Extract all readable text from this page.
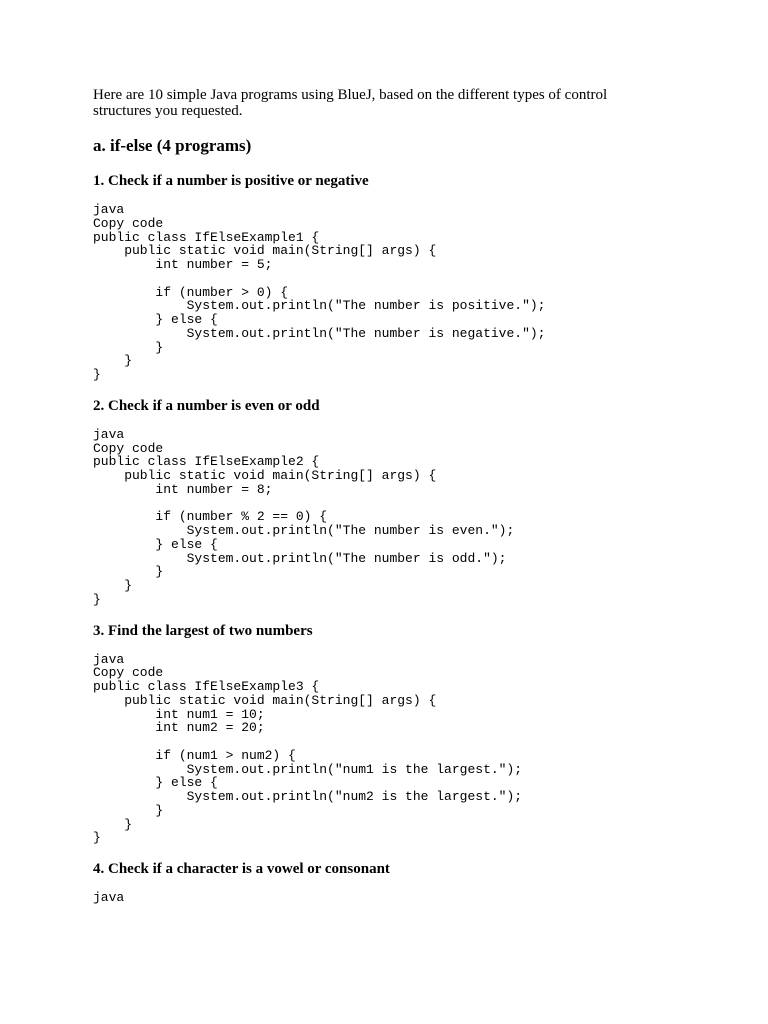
Here are 10 simple Java programs using BlueJ, based on the different types of control
structures you requested.

a. if-else (4 programs)
1. Check if a number is positive or negative
java
Copy code
public class IfElseExample1 {
public static void main(String[] args) {
int number = 5;

if (number > 0) {
System.out.println("The number is positive.");
} else {
System.out.println("The number is negative.");
}
}
}
2. Check if a number is even or odd
java
Copy code
public class IfElseExample2 {
public static void main(String[] args) {
int number = 8;

if (number % 2 == 0) {
System.out.println("The number is even.");
} else {
System.out.println("The number is odd.");
}
}
}
3. Find the largest of two numbers
java
Copy code
public class IfElseExample3 {
public static void main(String[] args) {
int num1 = 10;
int num2 = 20;

if (num1 > num2) {
System.out.println("num1 is the largest.");
} else {
System.out.println("num2 is the largest.");
}
}
}
4. Check if a character is a vowel or consonant
java
